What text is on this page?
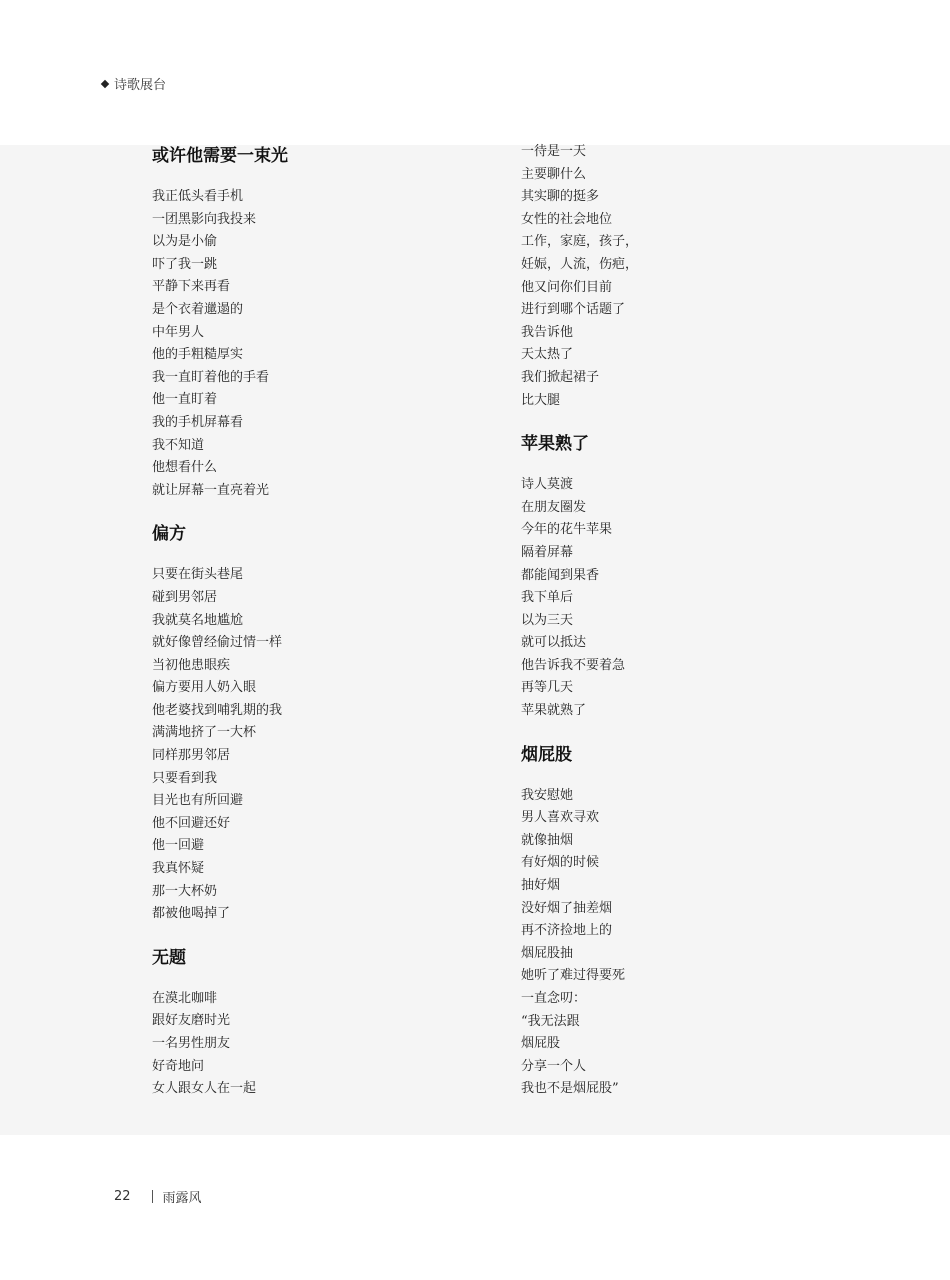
诗歌展台
或许他需要一束光
我正低头看手机
一团黑影向我投来
以为是小偷
吓了我一跳
平静下来再看
是个衣着邋遢的
中年男人
他的手粗糙厚实
我一直盯着他的手看
他一直盯着
我的手机屏幕看
我不知道
他想看什么
就让屏幕一直亮着光
偏方
只要在街头巷尾
碰到男邻居
我就莫名地尴尬
就好像曾经偷过情一样
当初他患眼疾
偏方要用人奶入眼
他老婆找到哺乳期的我
满满地挤了一大杯
同样那男邻居
只要看到我
目光也有所回避
他不回避还好
他一回避
我真怀疑
那一大杯奶
都被他喝掉了
无题
在漠北咖啡
跟好友磨时光
一名男性朋友
好奇地问
女人跟女人在一起
一待是一天
主要聊什么
其实聊的挺多
女性的社会地位
工作，家庭，孩子，
妊娠，人流，伤疤，
他又问你们目前
进行到哪个话题了
我告诉他
天太热了
我们掀起裙子
比大腿
苹果熟了
诗人莫渡
在朋友圈发
今年的花牛苹果
隔着屏幕
都能闻到果香
我下单后
以为三天
就可以抵达
他告诉我不要着急
再等几天
苹果就熟了
烟屁股
我安慰她
男人喜欢寻欢
就像抽烟
有好烟的时候
抽好烟
没好烟了抽差烟
再不济捡地上的
烟屁股抽
她听了难过得要死
一直念叨：
“我无法跟
烟屁股
分享一个人
我也不是烟屁股”
22 雨露风
